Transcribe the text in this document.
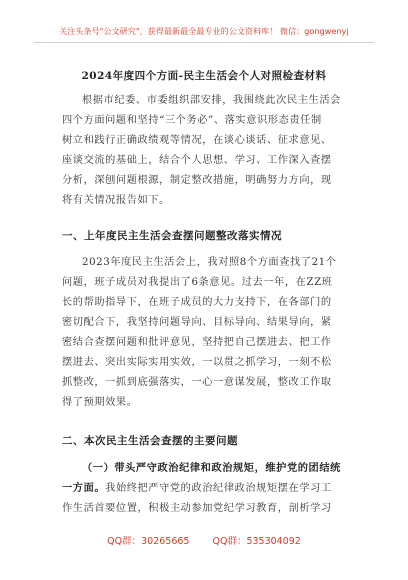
关注头条号"公文研究"，获得最新最全最专业的公文资料库！ 微信：gongwenyj
2024年度四个方面-民主生活会个人对照检查材料
根据市纪委、市委组织部安排，我围绕此次民主生活会
四个方面问题和坚持“三个务必”、落实意识形态责任制
树立和践行正确政绩观等情况，在谈心谈话、征求意见、
座谈交流的基础上，结合个人思想、学习、工作深入查摆
分析，深刨问题根源，制定整改措施，明确努力方向，现
将有关情况报告如下。
一、上年度民主生活会查摆问题整改落实情况
2023年度民主生活会上，我对照8个方面查找了21个
问题，班子成员对我提出了6条意见。过去一年，在ZZ班
长的帮助指导下，在班子成员的大力支持下，在各部门的
密切配合下，我坚持问题导向、目标导向、结果导向，紧
密结合查摆问题和批评意见，坚持把自己摆进去、把工作
摆进去、突出实际实用实效，一以贯之抓学习，一刻不松
抓整改，一抓到底强落实，一心一意谋发展，整改工作取
得了预期效果。
二、本次民主生活会查摆的主要问题
（一）带头严守政治纪律和政治规矩，维护党的团结统
一方面。我始终把严守党的政治纪律政治规矩摆在学习工
作生活首要位置，积极主动参加党纪学习教育，剖析学习
QQ群：30265665 QQ群：535304092
